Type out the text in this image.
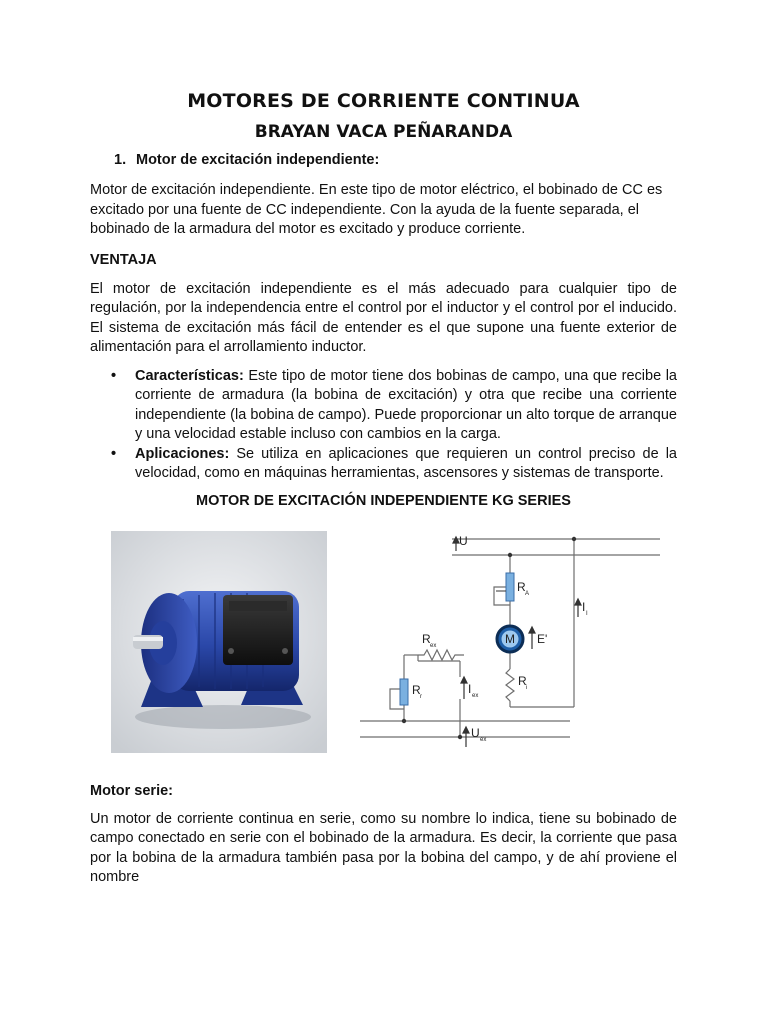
MOTORES DE CORRIENTE CONTINUA
BRAYAN VACA PEÑARANDA
1. Motor de excitación independiente:

Motor de excitación independiente. En este tipo de motor eléctrico, el bobinado de CC es excitado por una fuente de CC independiente. Con la ayuda de la fuente separada, el bobinado de la armadura del motor es excitado y produce corriente.

VENTAJA

El motor de excitación independiente es el más adecuado para cualquier tipo de regulación, por la independencia entre el control por el inductor y el control por el inducido. El sistema de excitación más fácil de entender es el que supone una fuente exterior de alimentación para el arrollamiento inductor.

• Características: Este tipo de motor tiene dos bobinas de campo, una que recibe la corriente de armadura (la bobina de excitación) y otra que recibe una corriente independiente (la bobina de campo). Puede proporcionar un alto torque de arranque y una velocidad estable incluso con cambios en la carga.
• Aplicaciones: Se utiliza en aplicaciones que requieren un control preciso de la velocidad, como en máquinas herramientas, ascensores y sistemas de transporte.
MOTOR DE EXCITACIÓN INDEPENDIENTE KG SERIES
U
R A
I I
M E'
R ex
R r
R i
I ex
U ex
Motor serie:

Un motor de corriente continua en serie, como su nombre lo indica, tiene su bobinado de campo conectado en serie con el bobinado de la armadura. Es decir, la corriente que pasa por la bobina de la armadura también pasa por la bobina del campo, y de ahí proviene el nombre
